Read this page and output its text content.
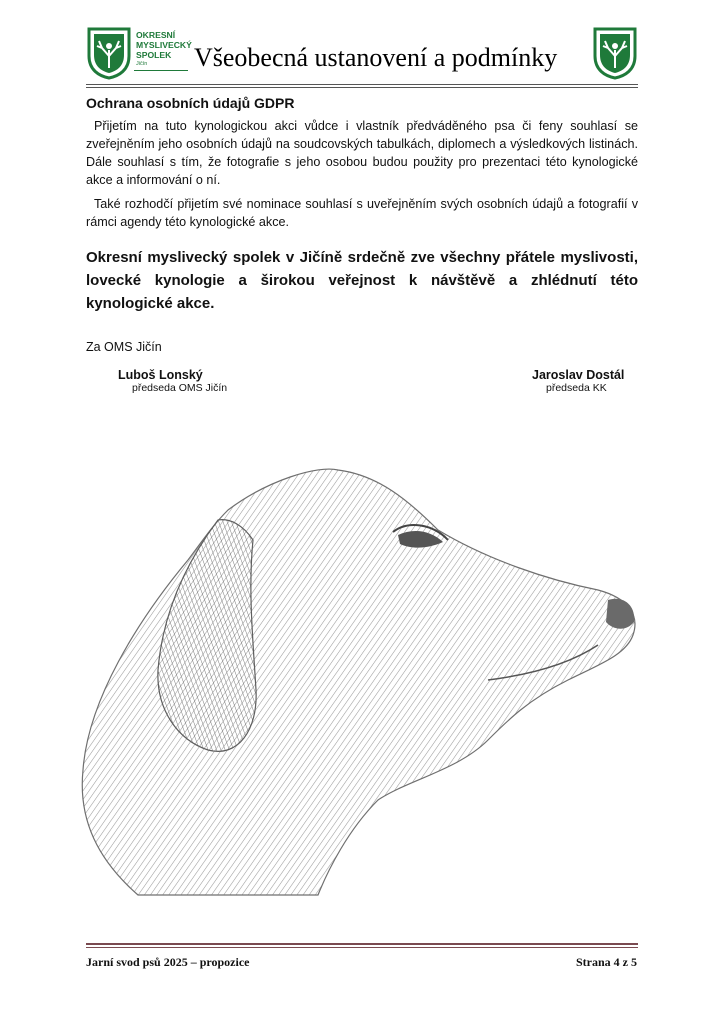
OKRESNÍ
MYSLIVECKÝ
SPOLEK
Jičín	Všeobecná ustanovení a podmínky
Ochrana osobních údajů GDPR

Přijetím na tuto kynologickou akci vůdce i vlastník předváděného psa či feny souhlasí se zveřejněním jeho osobních údajů na soudcovských tabulkách, diplomech a výsledkových listinách. Dále souhlasí s tím, že fotografie s jeho osobou budou použity pro prezentaci této kynologické akce a informování o ní.

Také rozhodčí přijetím své nominace souhlasí s uveřejněním svých osobních údajů a fotografií v rámci agendy této kynologické akce.

Okresní myslivecký spolek v Jičíně srdečně zve všechny přátele myslivosti, lovecké kynologie a širokou veřejnost k návštěvě a zhlédnutí této kynologické akce.
Za OMS Jičín
Luboš Lonský
předseda OMS Jičín
Jaroslav Dostál
předseda KK
Jarní svod psů 2025 – propozice	Strana 4 z 5
